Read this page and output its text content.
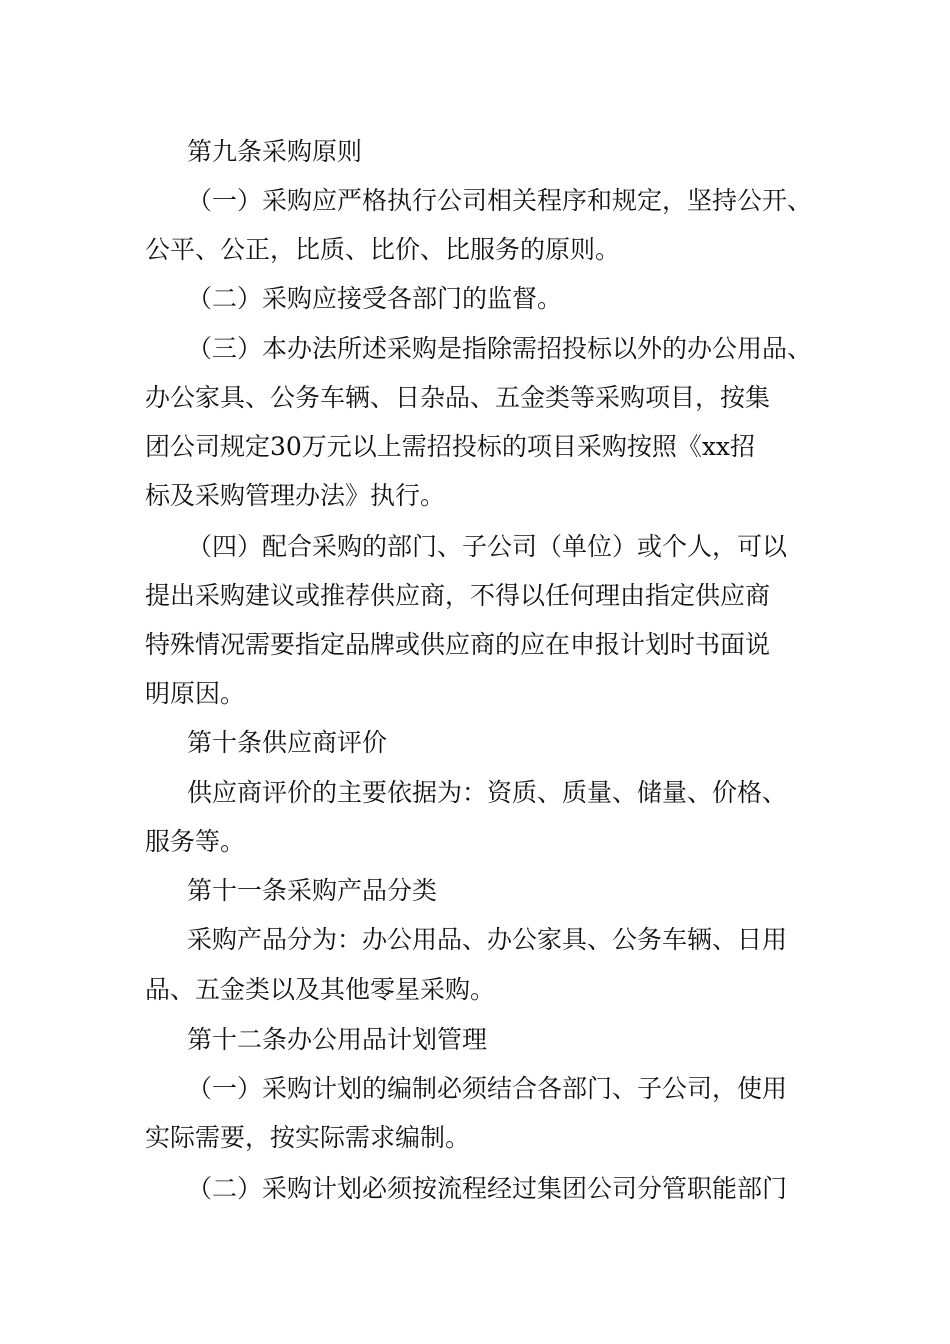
第九条采购原则
（一）采购应严格执行公司相关程序和规定，坚持公开、
公平、公正，比质、比价、比服务的原则。
（二）采购应接受各部门的监督。
（三）本办法所述采购是指除需招投标以外的办公用品、
办公家具、公务车辆、日杂品、五金类等采购项目，按集
团公司规定30万元以上需招投标的项目采购按照《xx招
标及采购管理办法》执行。
（四）配合采购的部门、子公司（单位）或个人，可以
提出采购建议或推荐供应商，不得以任何理由指定供应商
特殊情况需要指定品牌或供应商的应在申报计划时书面说
明原因。
第十条供应商评价
供应商评价的主要依据为：资质、质量、储量、价格、
服务等。
第十一条采购产品分类
采购产品分为：办公用品、办公家具、公务车辆、日用
品、五金类以及其他零星采购。
第十二条办公用品计划管理
（一）采购计划的编制必须结合各部门、子公司，使用
实际需要，按实际需求编制。
（二）采购计划必须按流程经过集团公司分管职能部门
